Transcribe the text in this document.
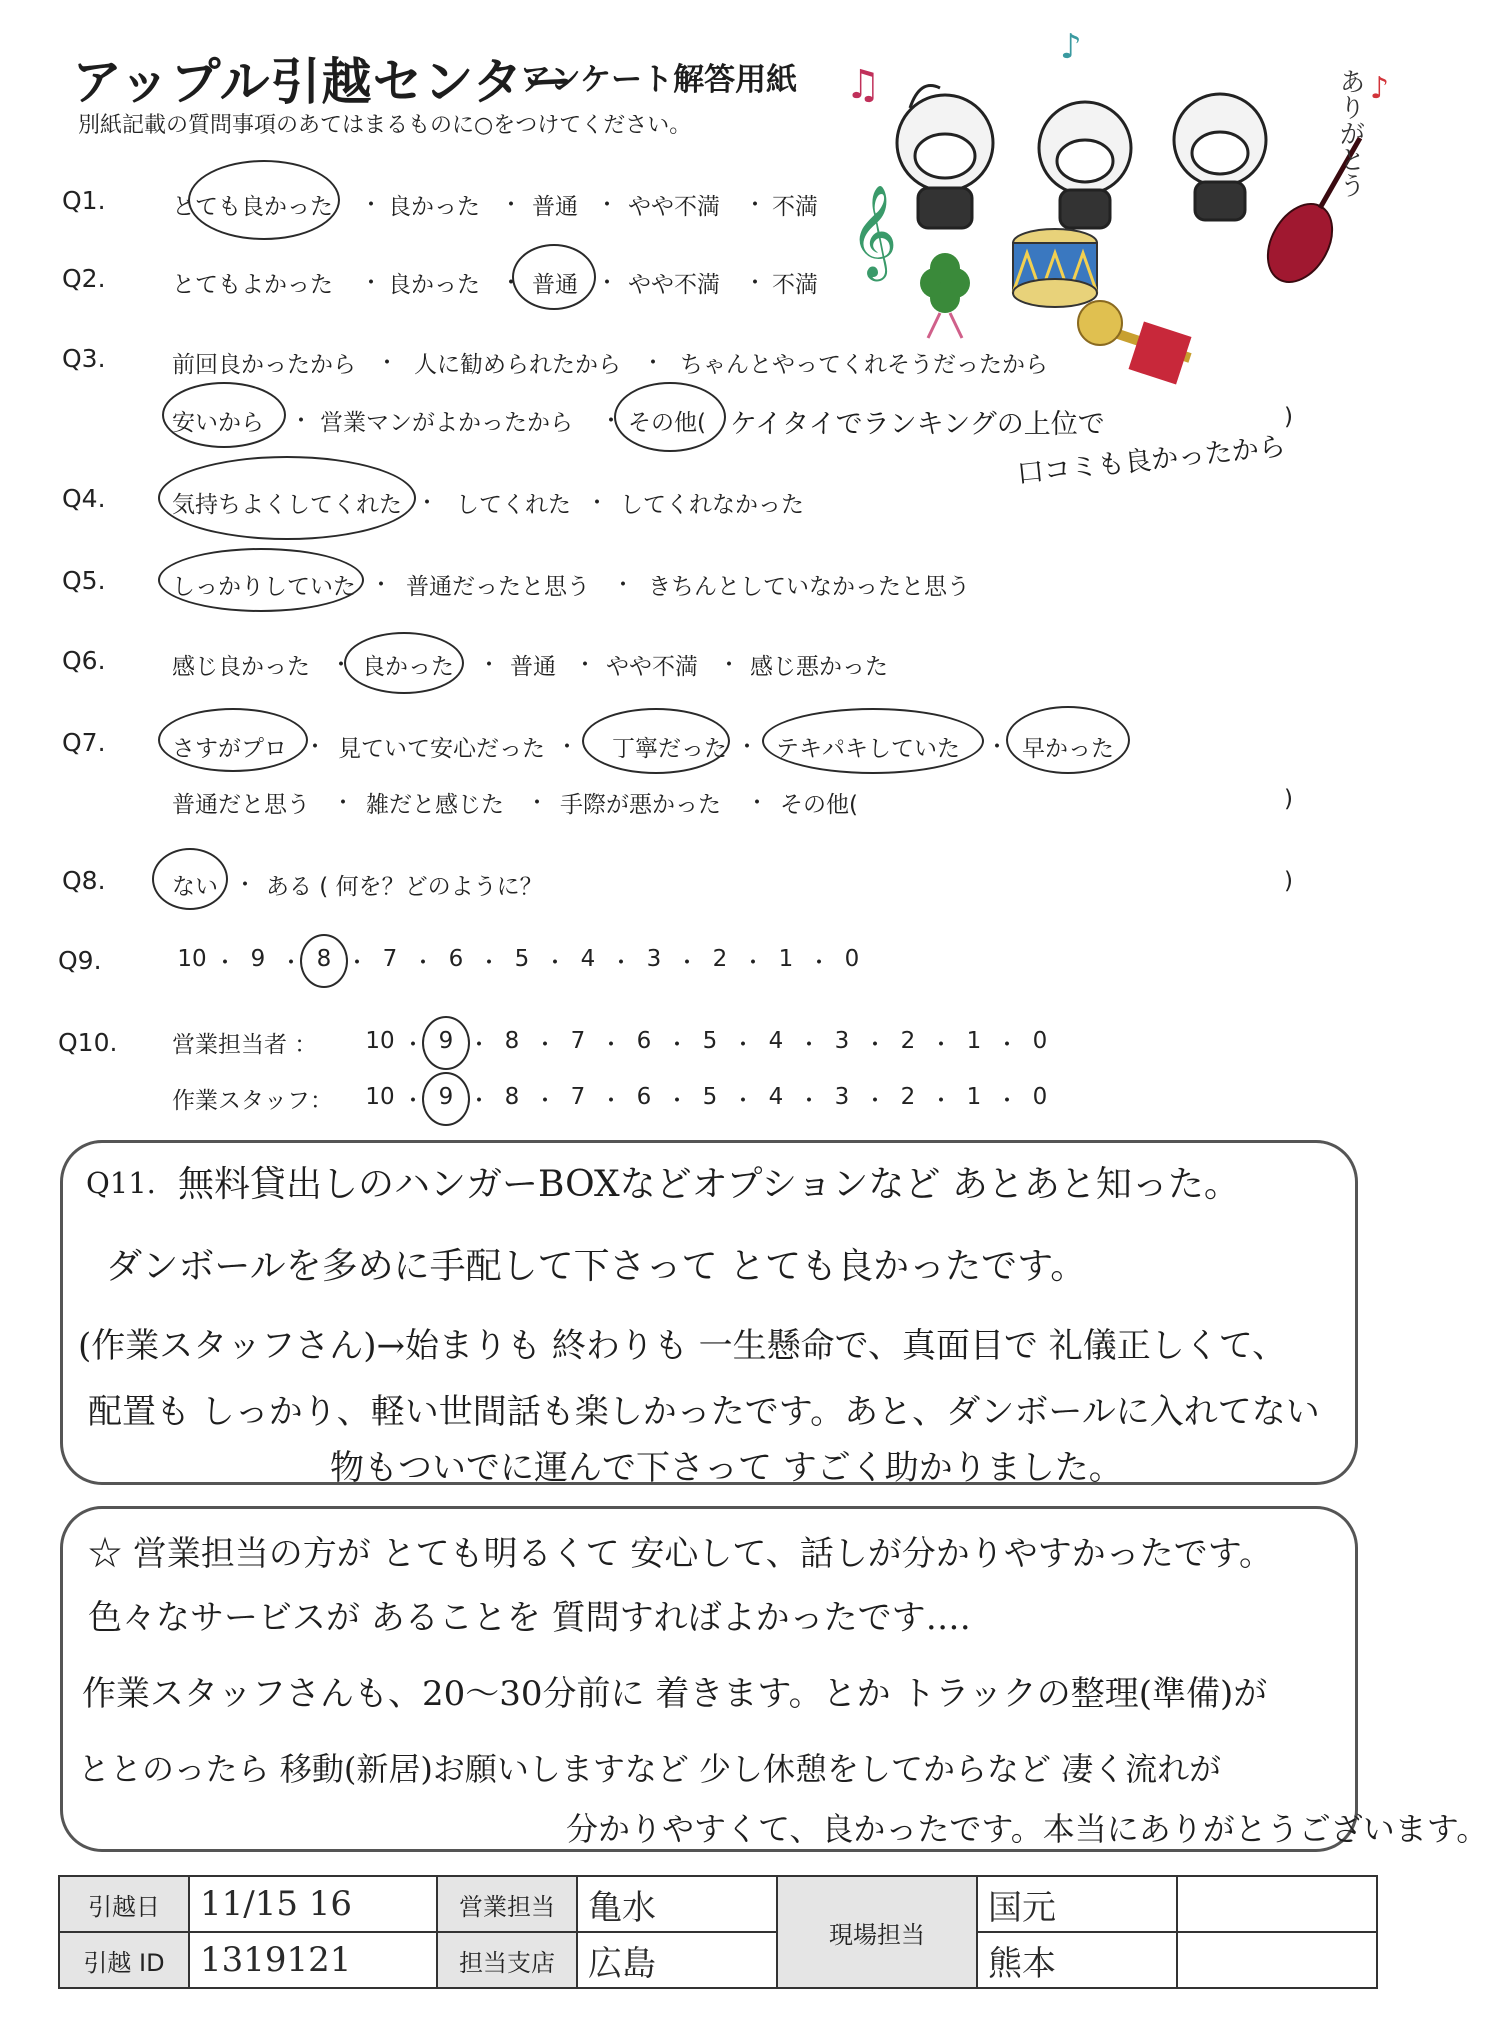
アップル引越センター
アンケート解答用紙
別紙記載の質問事項のあてはまるものに○をつけてください。
♫
♪
♪
𝄞
ありがとう
Q1.	とても良かった ・ 良かった ・ 普通 ・ やや不満 ・ 不満
Q2.	とてもよかった ・ 良かった ・ 普通 ・ やや不満 ・ 不満
Q3.	前回良かったから ・ 人に勧められたから ・ ちゃんとやってくれそうだったから
安いから ・ 営業マンがよかったから ・ その他( ケイタイでランキングの上位で
口コミも良かったから
)
Q4.	気持ちよくしてくれた ・ してくれた ・ してくれなかった
Q5.	しっかりしていた ・ 普通だったと思う ・ きちんとしていなかったと思う
Q6.	感じ良かった ・ 良かった ・ 普通 ・ やや不満 ・ 感じ悪かった
Q7.	さすがプロ ・ 見ていて安心だった ・ 丁寧だった ・ テキパキしていた ・ 早かった
普通だと思う ・ 雑だと感じた ・ 手際が悪かった ・ その他(	)
Q8.	ない ・ ある ( 何を？どのように？	)
Q9.	10 ・ 9 ・ 8 ・ 7 ・ 6 ・ 5 ・ 4 ・ 3 ・ 2 ・ 1 ・ 0
Q10. 営業担当者 ： 10 ・ 9 ・ 8 ・ 7 ・ 6 ・ 5 ・ 4 ・ 3 ・ 2 ・ 1 ・ 0
作業スタッフ： 10 ・ 9 ・ 8 ・ 7 ・ 6 ・ 5 ・ 4 ・ 3 ・ 2 ・ 1 ・ 0
Q11. 無料貸出しのハンガーBOXなどオプションなど あとあと知った。
ダンボールを多めに手配して下さって とても良かったです。
(作業スタッフさん)→始まりも 終わりも 一生懸命で、真面目で 礼儀正しくて、
配置も しっかり、軽い世間話も楽しかったです。あと、ダンボールに入れてない
物もついでに運んで下さって すごく助かりました。
☆ 営業担当の方が とても明るくて 安心して、話しが分かりやすかったです。
色々なサービスが あることを 質問すればよかったです‥‥
作業スタッフさんも、20～30分前に 着きます。とか トラックの整理(準備)が
ととのったら 移動(新居)お願いしますなど 少し休憩をしてからなど 凄く流れが
分かりやすくて、良かったです。本当にありがとうございます。
引越日	11/15 16	営業担当	亀水	現場担当	国元	
引越 ID	1319121	担当支店	広島		熊本	
